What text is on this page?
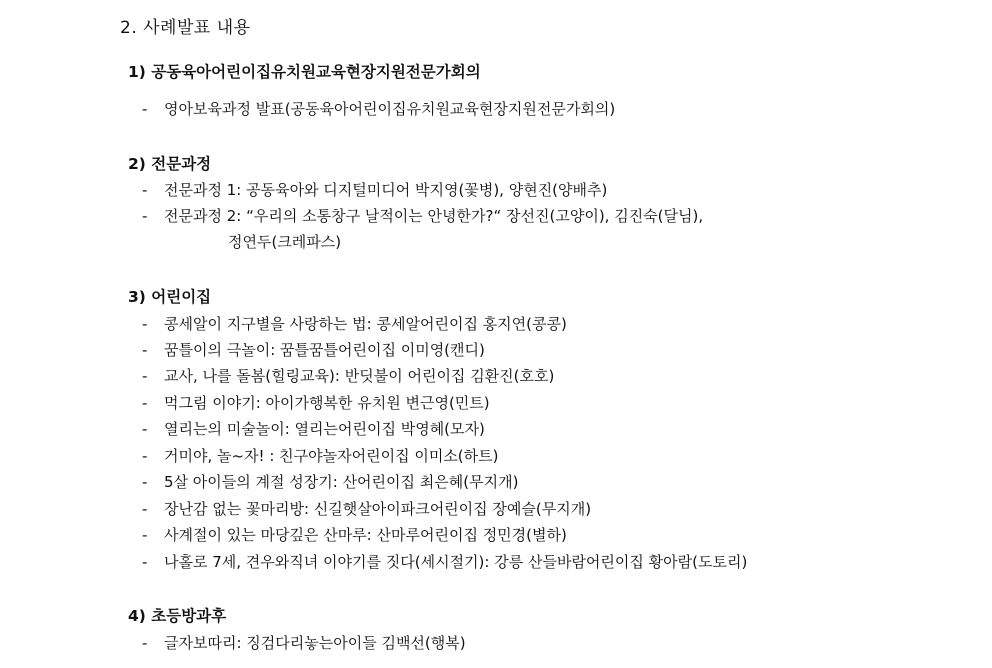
2. 사례발표 내용
1) 공동육아어린이집유치원교육현장지원전문가회의
- 영아보육과정 발표(공동육아어린이집유치원교육현장지원전문가회의)
2) 전문과정
- 전문과정 1: 공동육아와 디지털미디어 박지영(꽃병), 양현진(양배추)
- 전문과정 2: “우리의 소통창구 날적이는 안녕한가?“ 장선진(고양이), 김진숙(달님),
정연두(크레파스)
3) 어린이집
- 콩세알이 지구별을 사랑하는 법: 콩세알어린이집 홍지연(콩콩)
- 꿈틀이의 극놀이: 꿈틀꿈틀어린이집 이미영(캔디)
- 교사, 나를 돌봄(힐링교육): 반딧불이 어린이집 김환진(호호)
- 먹그림 이야기: 아이가행복한 유치원 변근영(민트)
- 열리는의 미술놀이: 열리는어린이집 박영혜(모자)
- 거미야, 놀~자! : 친구야놀자어린이집 이미소(하트)
- 5살 아이들의 계절 성장기: 산어린이집 최은혜(무지개)
- 장난감 없는 꽃마리방: 신길햇살아이파크어린이집 장예슬(무지개)
- 사계절이 있는 마당깊은 산마루: 산마루어린이집 정민경(별하)
- 나홀로 7세, 견우와직녀 이야기를 짓다(세시절기): 강릉 산들바람어린이집 황아람(도토리)
4) 초등방과후
- 글자보따리: 징검다리놓는아이들 김백선(행복)
